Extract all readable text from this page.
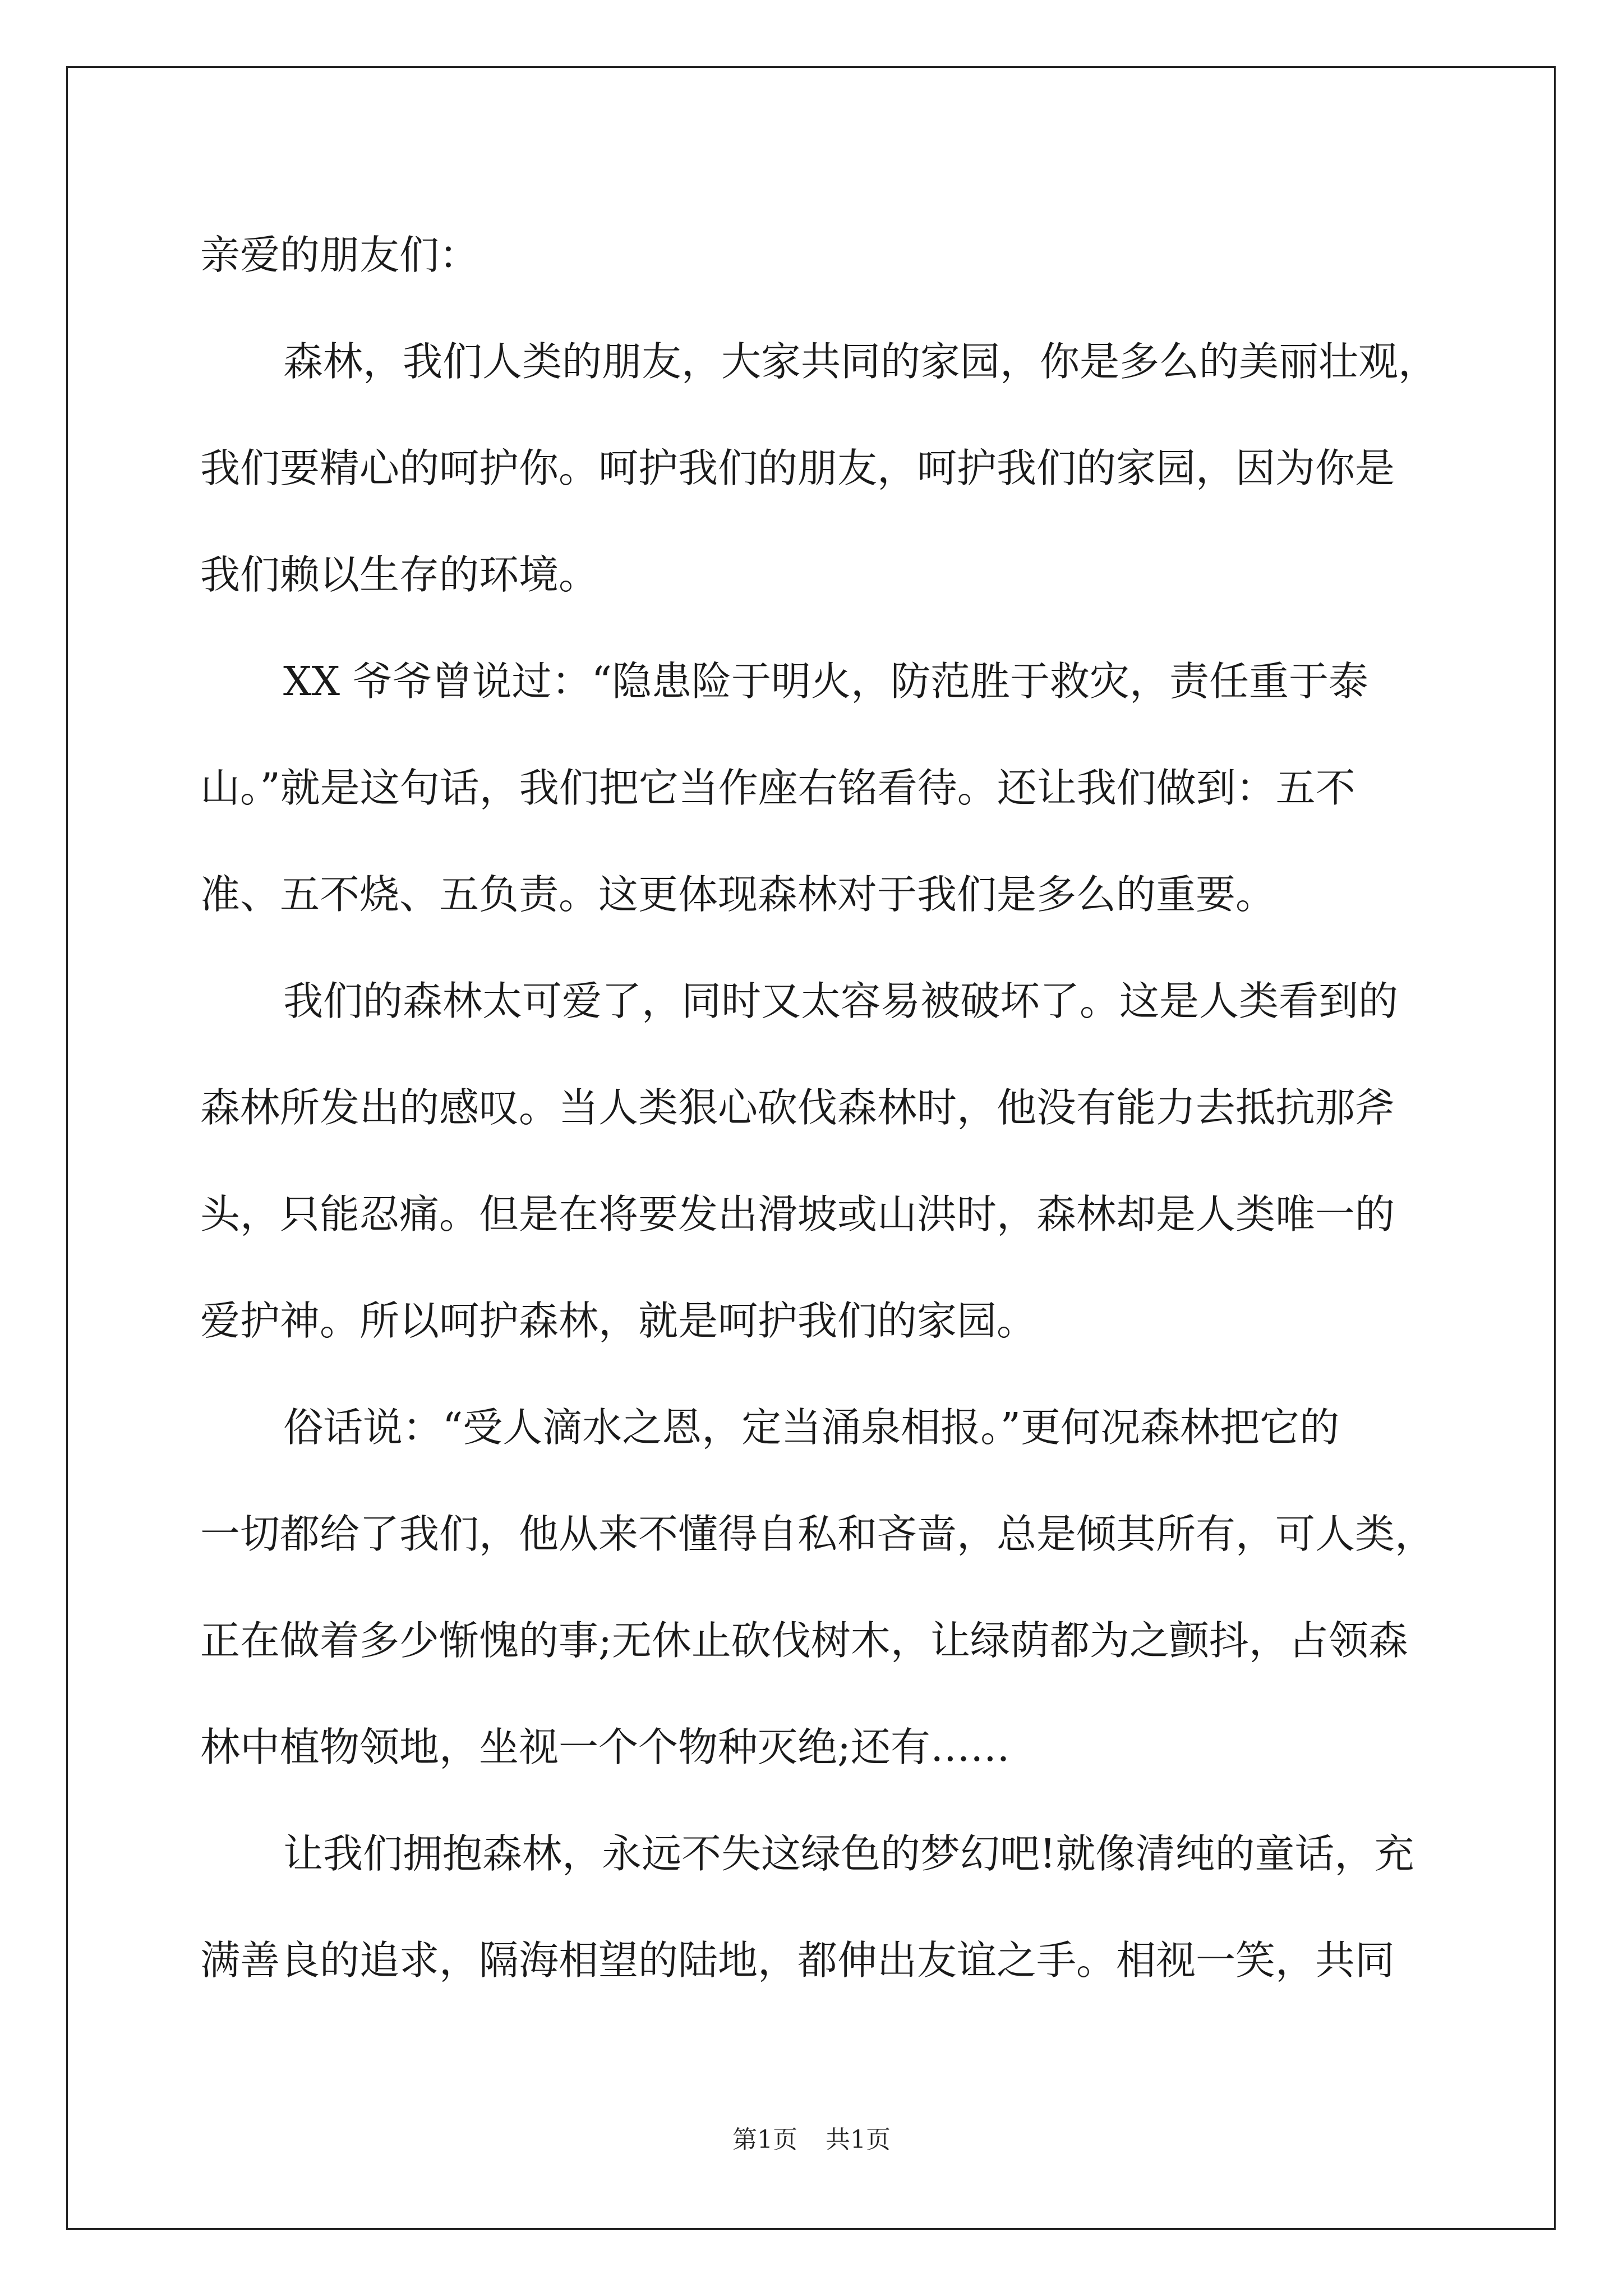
亲爱的朋友们：
森林，我们人类的朋友，大家共同的家园，你是多么的美丽壮观，
我们要精心的呵护你。呵护我们的朋友，呵护我们的家园，因为你是
我们赖以生存的环境。
XX 爷爷曾说过：“隐患险于明火，防范胜于救灾，责任重于泰
山。”就是这句话，我们把它当作座右铭看待。还让我们做到：五不
准、五不烧、五负责。这更体现森林对于我们是多么的重要。
我们的森林太可爱了，同时又太容易被破坏了。这是人类看到的
森林所发出的感叹。当人类狠心砍伐森林时，他没有能力去抵抗那斧
头，只能忍痛。但是在将要发出滑坡或山洪时，森林却是人类唯一的
爱护神。所以呵护森林，就是呵护我们的家园。
俗话说：“受人滴水之恩，定当涌泉相报。”更何况森林把它的
一切都给了我们，他从来不懂得自私和吝啬，总是倾其所有，可人类，
正在做着多少惭愧的事;无休止砍伐树木，让绿荫都为之颤抖，占领森
林中植物领地，坐视一个个物种灭绝;还有……
让我们拥抱森林，永远不失这绿色的梦幻吧!就像清纯的童话，充
满善良的追求，隔海相望的陆地，都伸出友谊之手。相视一笑，共同
第1页 共1页
